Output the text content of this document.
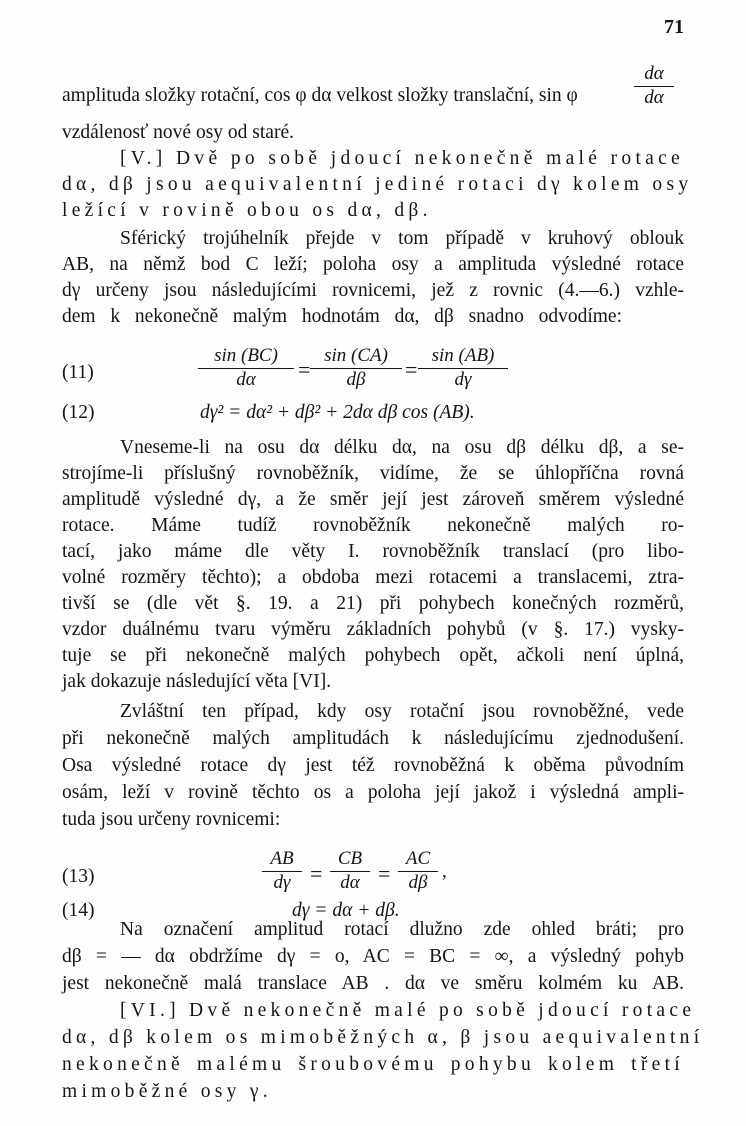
71
amplituda složky rotační, cos φ dα velkost složky translační, sin φ	$\frac{d\alpha}{d\alpha}$
vzdálenosť nové osy od staré.
[V.] Dvě po sobě jdoucí nekonečně malé rotace
dα, dβ jsou aequivalentní jediné rotaci dγ kolem osy
ležící v rovině obou os dα, dβ.
Sférický trojúhelník přejde v tom případě v kruhový oblouk
AB, na němž bod C leží; poloha osy a amplituda výsledné rotace
dγ určeny jsou následujícími rovnicemi, jež z rovnic (4.—6.) vzhle-
dem k nekonečně malým hodnotám dα, dβ snadno odvodíme:
(11)	$\frac{\sin (BC)}{d\alpha} = \frac{\sin (CA)}{d\beta} = \frac{\sin (AB)}{d\gamma}$
(12)	dγ² = dα² + dβ² + 2dα dβ cos (AB).
Vneseme-li na osu dα délku dα, na osu dβ délku dβ, a se-
strojíme-li příslušný rovnoběžník, vidíme, že se úhlopříčna rovná
amplitudě výsledné dγ, a že směr její jest zároveň směrem výsledné
rotace. Máme tudíž rovnoběžník nekonečně malých ro-
tací, jako máme dle věty I. rovnoběžník translací (pro libo-
volné rozměry těchto); a obdoba mezi rotacemi a translacemi, ztra-
tivší se (dle vět §. 19. a 21) při pohybech konečných rozměrů,
vzdor duálnému tvaru výměru základních pohybů (v §. 17.) vysky-
tuje se při nekonečně malých pohybech opět, ačkoli není úplná,
jak dokazuje následující věta [VI].
Zvláštní ten případ, kdy osy rotační jsou rovnoběžné, vede
při nekonečně malých amplitudách k následujícímu zjednodušení.
Osa výsledné rotace dγ jest též rovnoběžná k oběma původním
osám, leží v rovině těchto os a poloha její jakož i výsledná ampli-
tuda jsou určeny rovnicemi:
(13)	$\frac{AB}{d\gamma} = \frac{CB}{d\alpha} = \frac{AC}{d\beta}$ ,
(14)	dγ = dα + dβ.
Na označení amplitud rotací dlužno zde ohled bráti; pro
dβ = — dα obdržíme dγ = o, AC = BC = ∞, a výsledný pohyb
jest nekonečně malá translace AB . dα ve směru kolmém ku AB.
[VI.] Dvě nekonečně malé po sobě jdoucí rotace
dα, dβ kolem os mimoběžných α, β jsou aequivalentní
nekonečně malému šroubovému pohybu kolem třetí
mimoběžné osy γ.
